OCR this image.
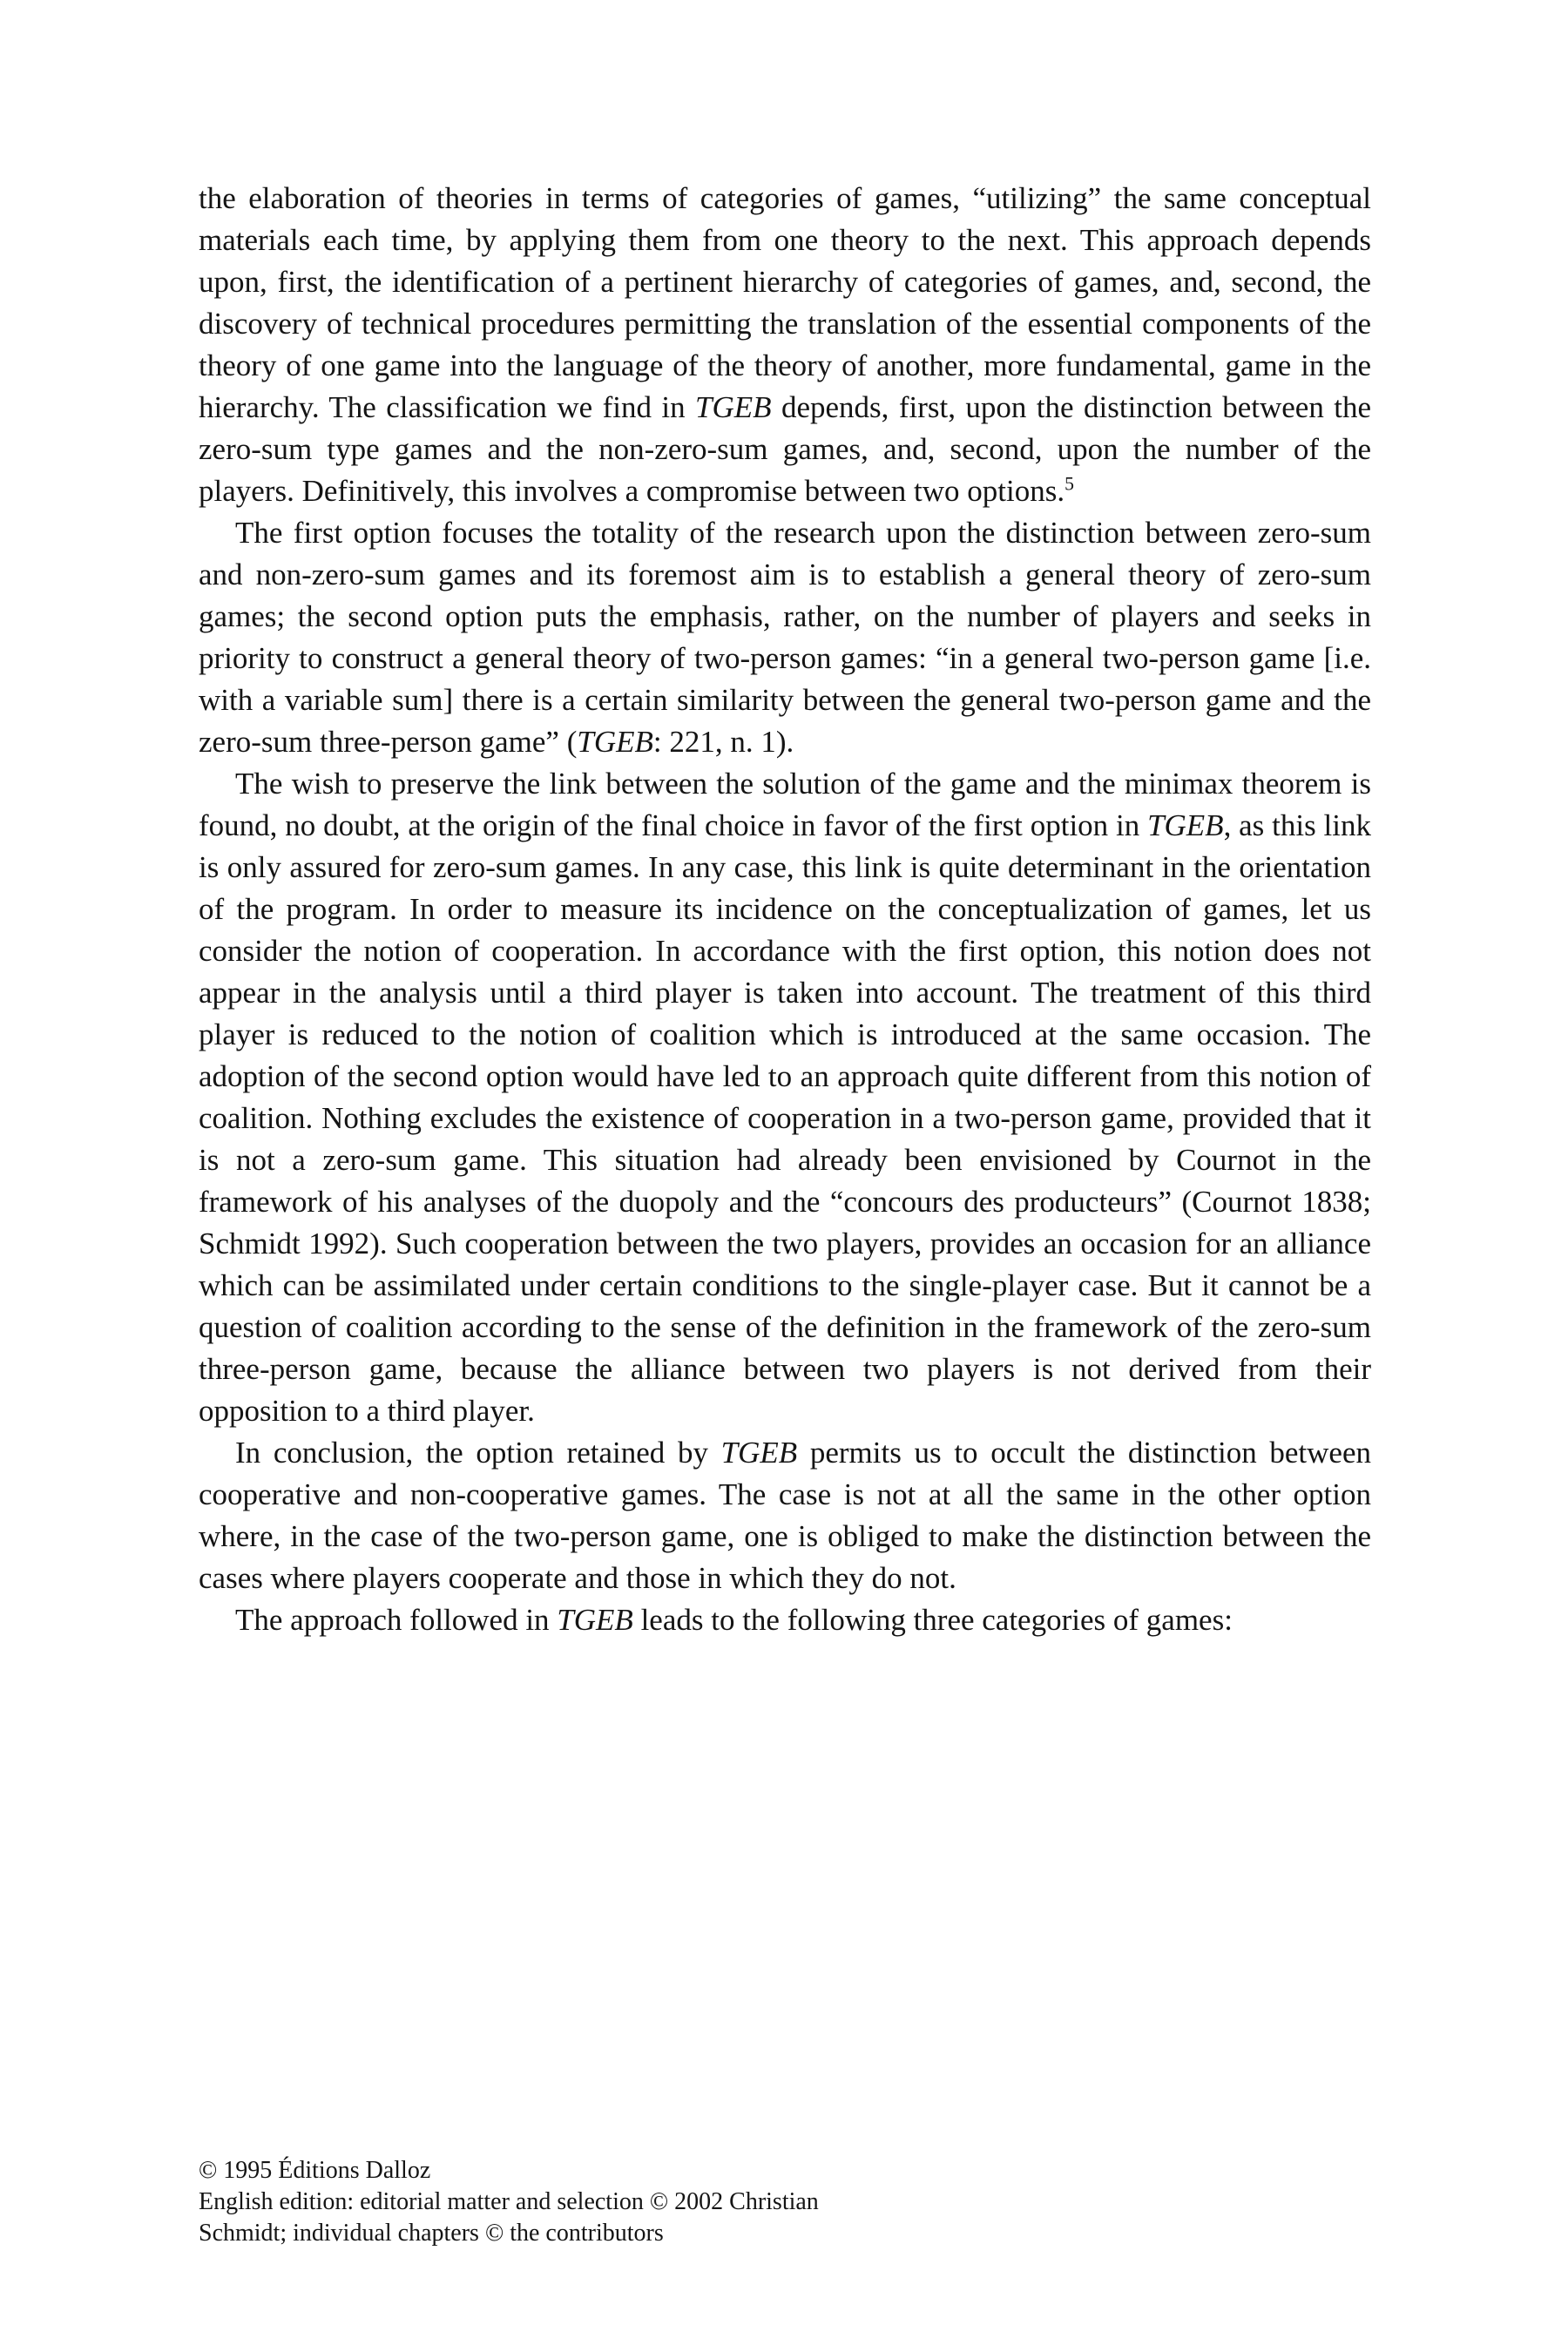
the elaboration of theories in terms of categories of games, “utilizing” the same conceptual materials each time, by applying them from one theory to the next. This approach depends upon, first, the identification of a pertinent hierarchy of categories of games, and, second, the discovery of technical procedures permitting the translation of the essential components of the theory of one game into the language of the theory of another, more fundamental, game in the hierarchy. The classification we find in TGEB depends, first, upon the distinction between the zero-sum type games and the non-zero-sum games, and, second, upon the number of the players. Definitively, this involves a compromise between two options.$^5$

The first option focuses the totality of the research upon the distinction between zero-sum and non-zero-sum games and its foremost aim is to establish a general theory of zero-sum games; the second option puts the emphasis, rather, on the number of players and seeks in priority to construct a general theory of two-person games: “in a general two-person game [i.e. with a variable sum] there is a certain similarity between the general two-person game and the zero-sum three-person game” (TGEB: 221, n. 1).

The wish to preserve the link between the solution of the game and the minimax theorem is found, no doubt, at the origin of the final choice in favor of the first option in TGEB, as this link is only assured for zero-sum games. In any case, this link is quite determinant in the orientation of the program. In order to measure its incidence on the conceptualization of games, let us consider the notion of cooperation. In accordance with the first option, this notion does not appear in the analysis until a third player is taken into account. The treatment of this third player is reduced to the notion of coalition which is introduced at the same occasion. The adoption of the second option would have led to an approach quite different from this notion of coalition. Nothing excludes the existence of cooperation in a two-person game, provided that it is not a zero-sum game. This situation had already been envisioned by Cournot in the framework of his analyses of the duopoly and the “concours des producteurs” (Cournot 1838; Schmidt 1992). Such cooperation between the two players, provides an occasion for an alliance which can be assimilated under certain conditions to the single-player case. But it cannot be a question of coalition according to the sense of the definition in the framework of the zero-sum three-person game, because the alliance between two players is not derived from their opposition to a third player.

In conclusion, the option retained by TGEB permits us to occult the distinction between cooperative and non-cooperative games. The case is not at all the same in the other option where, in the case of the two-person game, one is obliged to make the distinction between the cases where players cooperate and those in which they do not.

The approach followed in TGEB leads to the following three categories of games:

© 1995 Éditions Dalloz
English edition: editorial matter and selection © 2002 Christian
Schmidt; individual chapters © the contributors
